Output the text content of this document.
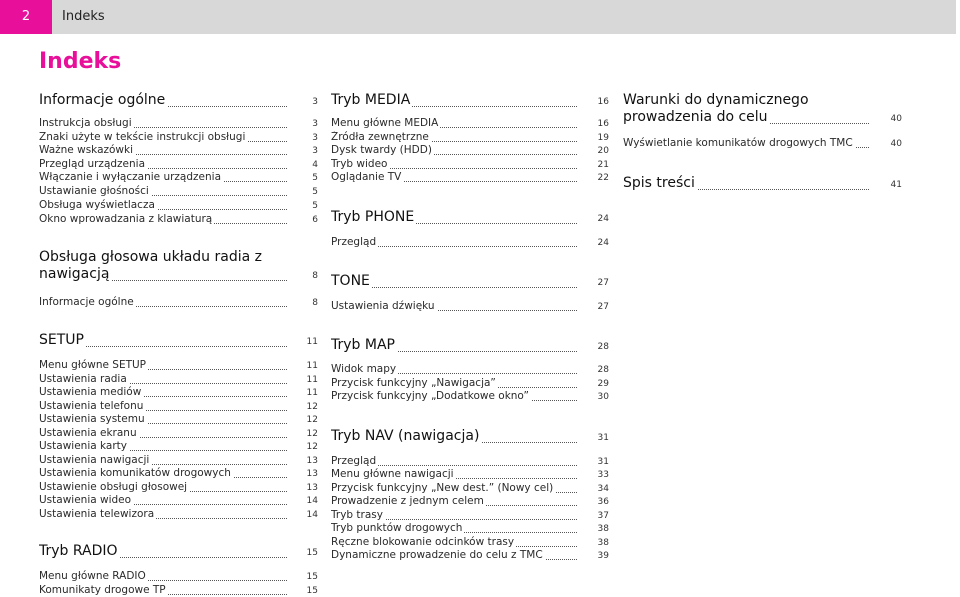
2	Indeks
Indeks
Informacje ogólne	3
Instrukcja obsługi	3
Znaki użyte w tekście instrukcji obsługi	3
Ważne wskazówki	3
Przegląd urządzenia	4
Włączanie i wyłączanie urządzenia	5
Ustawianie głośności	5
Obsługa wyświetlacza	5
Okno wprowadzania z klawiaturą	6
Obsługa głosowa układu radia z
nawigacją	8
Informacje ogólne	8
SETUP	11
Menu główne SETUP	11
Ustawienia radia	11
Ustawienia mediów	11
Ustawienia telefonu	12
Ustawienia systemu	12
Ustawienia ekranu	12
Ustawienia karty	12
Ustawienia nawigacji	13
Ustawienia komunikatów drogowych	13
Ustawienie obsługi głosowej	13
Ustawienia wideo	14
Ustawienia telewizora	14
Tryb RADIO	15
Menu główne RADIO	15
Komunikaty drogowe TP	15
Tryb MEDIA	16
Menu główne MEDIA	16
Źródła zewnętrzne	19
Dysk twardy (HDD)	20
Tryb wideo	21
Oglądanie TV	22
Tryb PHONE	24
Przegląd	24
TONE	27
Ustawienia dźwięku	27
Tryb MAP	28
Widok mapy	28
Przycisk funkcyjny „Nawigacja”	29
Przycisk funkcyjny „Dodatkowe okno”	30
Tryb NAV (nawigacja)	31
Przegląd	31
Menu główne nawigacji	33
Przycisk funkcyjny „New dest.” (Nowy cel)	34
Prowadzenie z jednym celem	36
Tryb trasy	37
Tryb punktów drogowych	38
Ręczne blokowanie odcinków trasy	38
Dynamiczne prowadzenie do celu z TMC	39
Warunki do dynamicznego
prowadzenia do celu	40
Wyświetlanie komunikatów drogowych TMC	40
Spis treści	41
